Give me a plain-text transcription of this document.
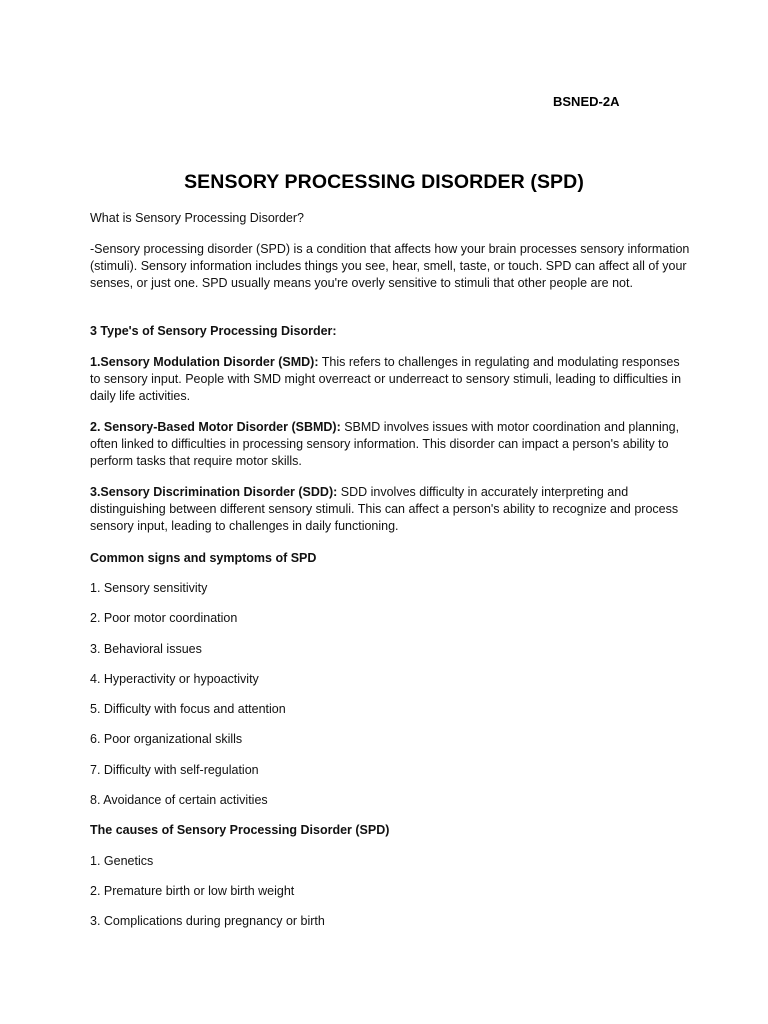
BSNED-2A
SENSORY PROCESSING DISORDER (SPD)
What is Sensory Processing Disorder?
-Sensory processing disorder (SPD) is a condition that affects how your brain processes sensory information (stimuli). Sensory information includes things you see, hear, smell, taste, or touch. SPD can affect all of your senses, or just one. SPD usually means you're overly sensitive to stimuli that other people are not.
3 Type's of Sensory Processing Disorder:
1.Sensory Modulation Disorder (SMD): This refers to challenges in regulating and modulating responses to sensory input. People with SMD might overreact or underreact to sensory stimuli, leading to difficulties in daily life activities.
2. Sensory-Based Motor Disorder (SBMD): SBMD involves issues with motor coordination and planning, often linked to difficulties in processing sensory information. This disorder can impact a person's ability to perform tasks that require motor skills.
3.Sensory Discrimination Disorder (SDD): SDD involves difficulty in accurately interpreting and distinguishing between different sensory stimuli. This can affect a person's ability to recognize and process sensory input, leading to challenges in daily functioning.
Common signs and symptoms of SPD
1. Sensory sensitivity
2. Poor motor coordination
3. Behavioral issues
4. Hyperactivity or hypoactivity
5. Difficulty with focus and attention
6. Poor organizational skills
7. Difficulty with self-regulation
8. Avoidance of certain activities
The causes of Sensory Processing Disorder (SPD)
1. Genetics
2. Premature birth or low birth weight
3. Complications during pregnancy or birth
